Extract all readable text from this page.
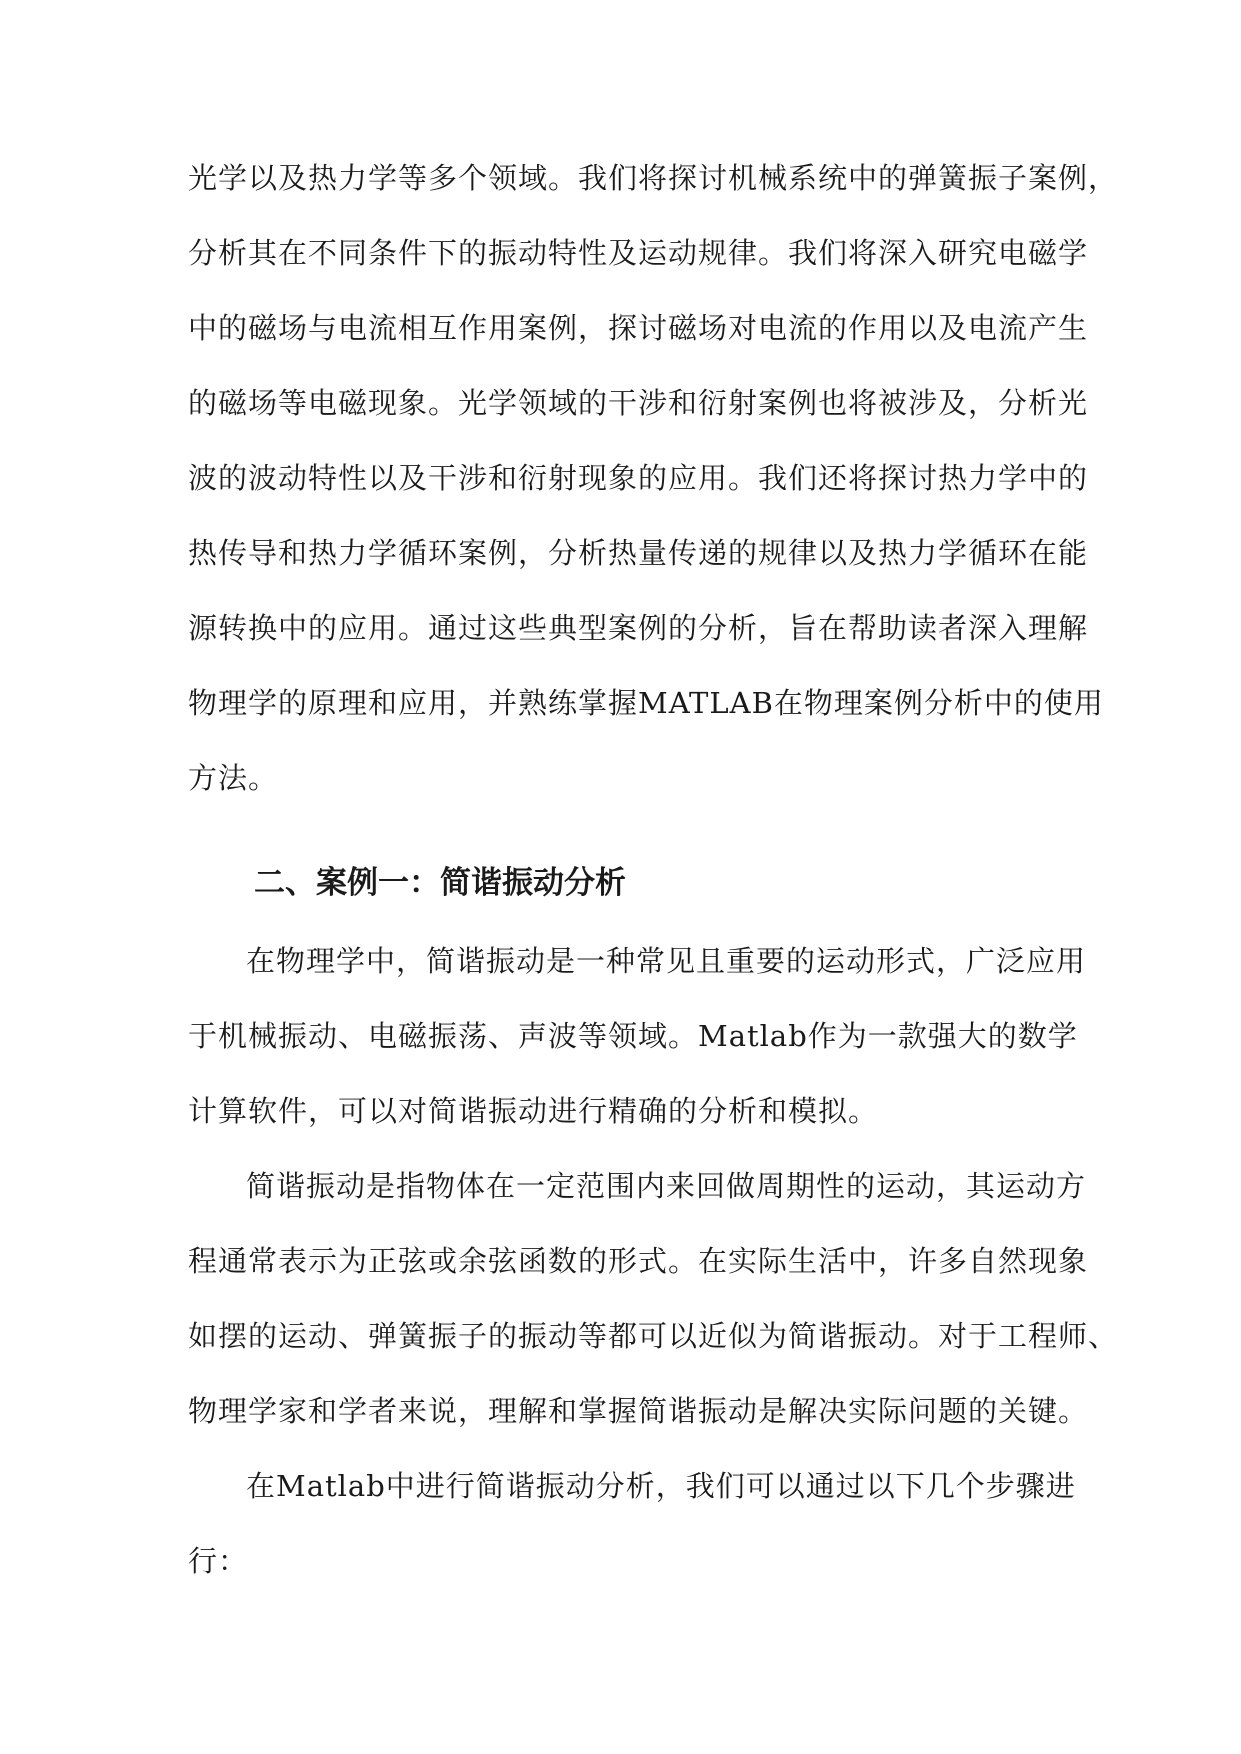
光学以及热力学等多个领域。我们将探讨机械系统中的弹簧振子案例，
分析其在不同条件下的振动特性及运动规律。我们将深入研究电磁学
中的磁场与电流相互作用案例，探讨磁场对电流的作用以及电流产生
的磁场等电磁现象。光学领域的干涉和衍射案例也将被涉及，分析光
波的波动特性以及干涉和衍射现象的应用。我们还将探讨热力学中的
热传导和热力学循环案例，分析热量传递的规律以及热力学循环在能
源转换中的应用。通过这些典型案例的分析，旨在帮助读者深入理解
物理学的原理和应用，并熟练掌握MATLAB在物理案例分析中的使用
方法。
二、案例一：简谐振动分析
在物理学中，简谐振动是一种常见且重要的运动形式，广泛应用
于机械振动、电磁振荡、声波等领域。Matlab作为一款强大的数学
计算软件，可以对简谐振动进行精确的分析和模拟。
简谐振动是指物体在一定范围内来回做周期性的运动，其运动方
程通常表示为正弦或余弦函数的形式。在实际生活中，许多自然现象
如摆的运动、弹簧振子的振动等都可以近似为简谐振动。对于工程师、
物理学家和学者来说，理解和掌握简谐振动是解决实际问题的关键。
在Matlab中进行简谐振动分析，我们可以通过以下几个步骤进
行：
